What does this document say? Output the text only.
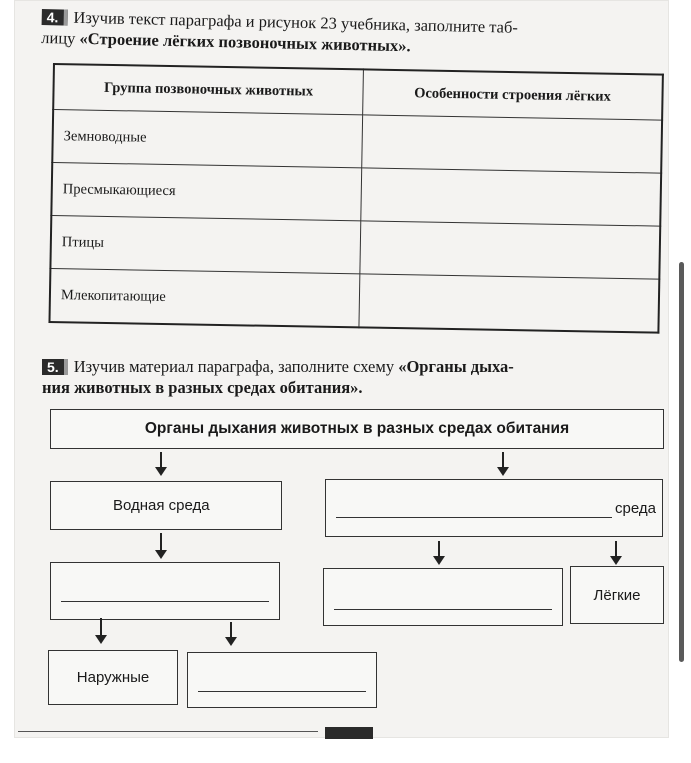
4. Изучив текст параграфа и рисунок 23 учебника, заполните таб-
лицу «Строение лёгких позвоночных животных».
Группа позвоночных животных	Особенности строения лёгких
Земноводные	
Пресмыкающиеся	
Птицы	
Млекопитающие	
5. Изучив материал параграфа, заполните схему «Органы дыха-
ния животных в разных средах обитания».
Органы дыхания животных в разных средах обитания
Водная среда	среда
Лёгкие
Наружные
